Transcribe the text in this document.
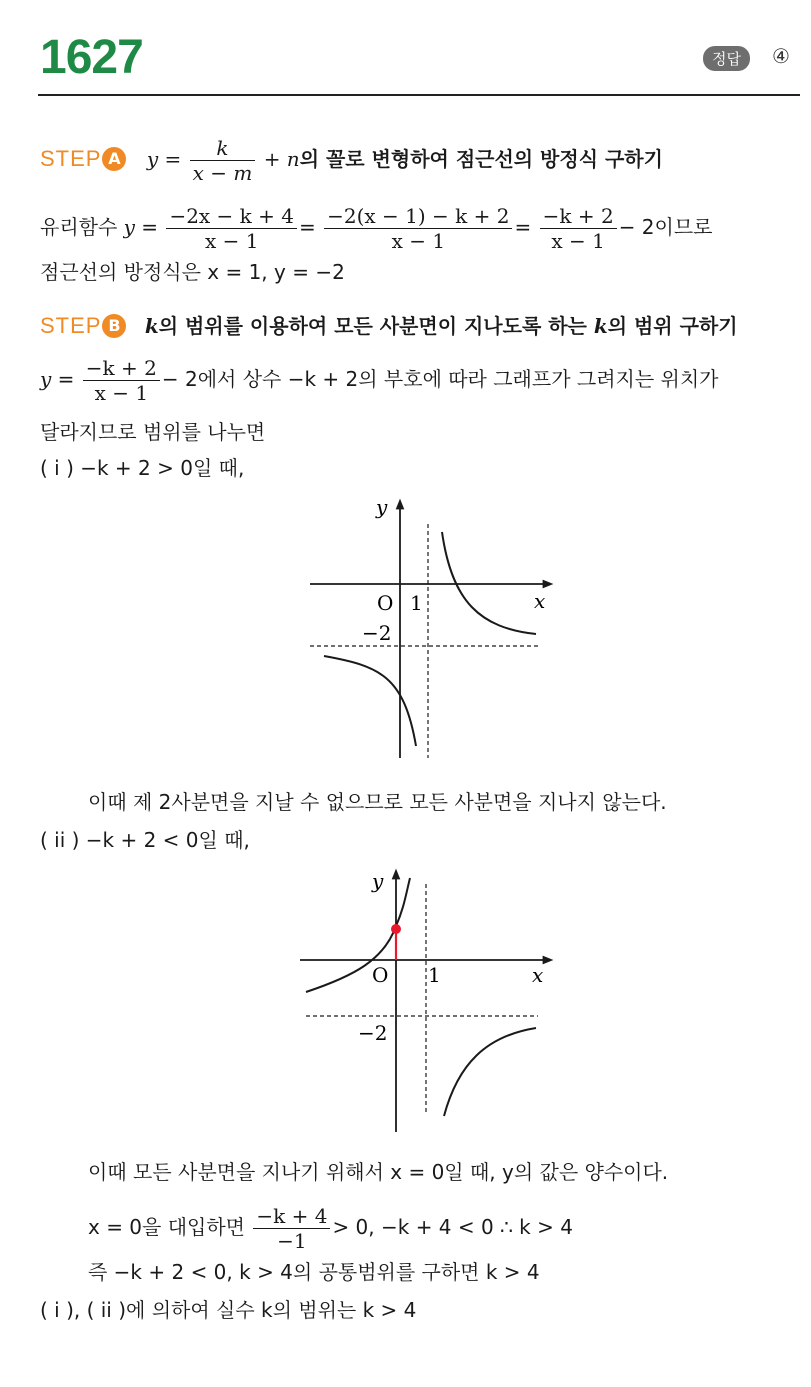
1627	정답	④
STEP A $y = \frac{k}{x - m} + n$의 꼴로 변형하여 점근선의 방정식 구하기
유리함수 $y = \frac{-2x - k + 4}{x - 1} = \frac{-2(x - 1) - k + 2}{x - 1} = \frac{-k + 2}{x - 1} - 2$이므로
점근선의 방정식은 x = 1, y = −2
STEP B k의 범위를 이용하여 모든 사분면이 지나도록 하는 k의 범위 구하기
$y = \frac{-k + 2}{x - 1} - 2$에서 상수 −k + 2의 부호에 따라 그래프가 그려지는 위치가
달라지므로 범위를 나누면
( i ) −k + 2 > 0일 때,
y
x
O 1
−2
이때 제 2사분면을 지날 수 없으므로 모든 사분면을 지나지 않는다.
( ii ) −k + 2 < 0일 때,
y
x
O 1
−2
이때 모든 사분면을 지나기 위해서 x = 0일 때, y의 값은 양수이다.
x = 0을 대입하면 $\frac{-k + 4}{-1} > 0$, −k + 4 < 0 ∴ k > 4
즉 −k + 2 < 0, k > 4의 공통범위를 구하면 k > 4
( i ), ( ii )에 의하여 실수 k의 범위는 k > 4
